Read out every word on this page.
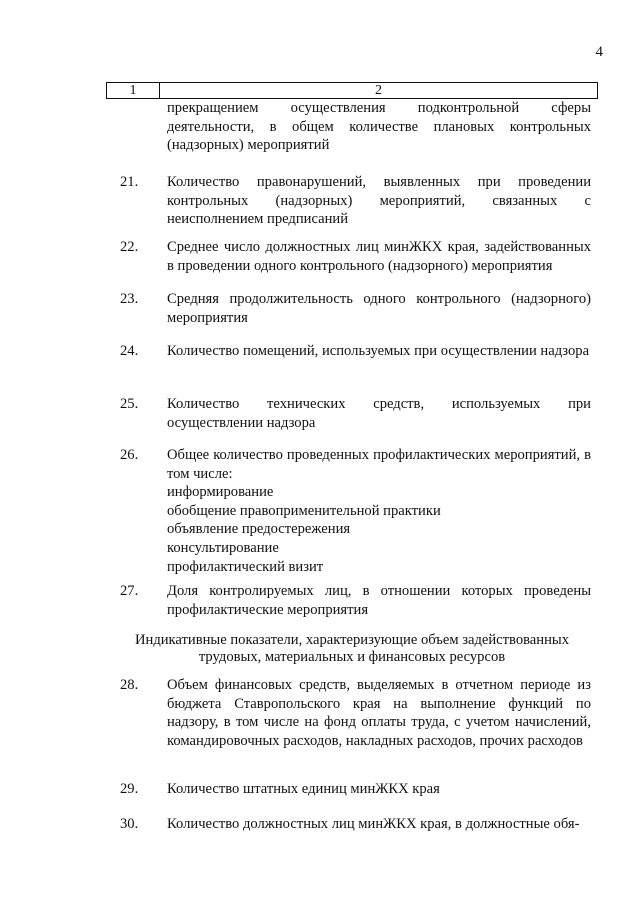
4
1	2
прекращением осуществления подконтрольной сферы деятельности, в общем количестве плановых контрольных (надзорных) мероприятий
21. Количество правонарушений, выявленных при проведении контрольных (надзорных) мероприятий, связанных с неисполнением предписаний
22. Среднее число должностных лиц минЖКХ края, задействованных в проведении одного контрольного (надзорного) мероприятия
23. Средняя продолжительность одного контрольного (надзорного) мероприятия
24. Количество помещений, используемых при осуществлении надзора
25. Количество технических средств, используемых при осуществлении надзора
26. Общее количество проведенных профилактических мероприятий, в том числе:
информирование
обобщение правоприменительной практики
объявление предостережения
консультирование
профилактический визит
27. Доля контролируемых лиц, в отношении которых проведены профилактические мероприятия
Индикативные показатели, характеризующие объем задействованных
трудовых, материальных и финансовых ресурсов
28. Объем финансовых средств, выделяемых в отчетном периоде из бюджета Ставропольского края на выполнение функций по надзору, в том числе на фонд оплаты труда, с учетом начислений, командировочных расходов, накладных расходов, прочих расходов
29. Количество штатных единиц минЖКХ края
30. Количество должностных лиц минЖКХ края, в должностные обя-
